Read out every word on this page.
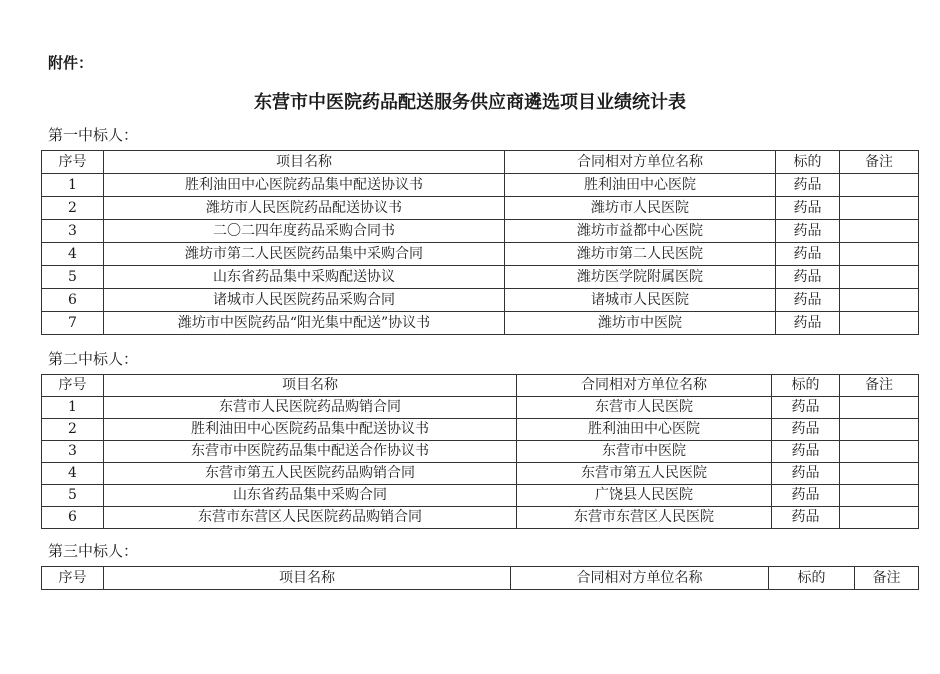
附件：
东营市中医院药品配送服务供应商遴选项目业绩统计表
第一中标人：
序号	项目名称	合同相对方单位名称	标的	备注
1	胜利油田中心医院药品集中配送协议书	胜利油田中心医院	药品	
2	潍坊市人民医院药品配送协议书	潍坊市人民医院	药品	
3	二〇二四年度药品采购合同书	潍坊市益都中心医院	药品	
4	潍坊市第二人民医院药品集中采购合同	潍坊市第二人民医院	药品	
5	山东省药品集中采购配送协议	潍坊医学院附属医院	药品	
6	诸城市人民医院药品采购合同	诸城市人民医院	药品	
7	潍坊市中医院药品“阳光集中配送”协议书	潍坊市中医院	药品	
第二中标人：
序号	项目名称	合同相对方单位名称	标的	备注
1	东营市人民医院药品购销合同	东营市人民医院	药品	
2	胜利油田中心医院药品集中配送协议书	胜利油田中心医院	药品	
3	东营市中医院药品集中配送合作协议书	东营市中医院	药品	
4	东营市第五人民医院药品购销合同	东营市第五人民医院	药品	
5	山东省药品集中采购合同	广饶县人民医院	药品	
6	东营市东营区人民医院药品购销合同	东营市东营区人民医院	药品	
第三中标人：
序号	项目名称	合同相对方单位名称	标的	备注
